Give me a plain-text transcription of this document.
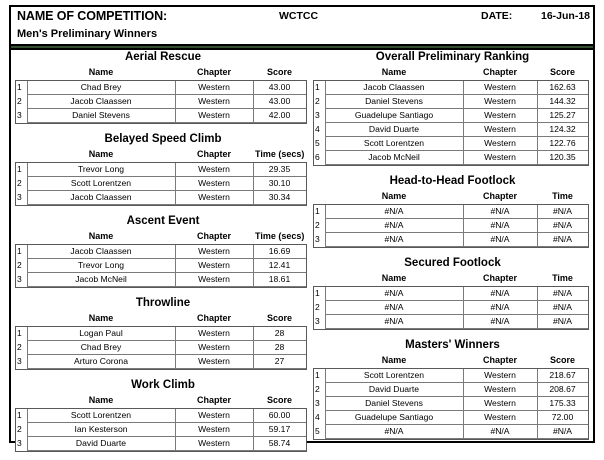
NAME OF COMPETITION:	WCTCC	DATE:	16-Jun-18
Men's Preliminary Winners
Aerial Rescue
	Name	Chapter	Score
1	Chad Brey	Western	43.00
2	Jacob Claassen	Western	43.00
3	Daniel Stevens	Western	42.00
Belayed Speed Climb
	Name	Chapter	Time (secs)
1	Trevor Long	Western	29.35
2	Scott Lorentzen	Western	30.10
3	Jacob Claassen	Western	30.34
Ascent Event
	Name	Chapter	Time (secs)
1	Jacob Claassen	Western	16.69
2	Trevor Long	Western	12.41
3	Jacob McNeil	Western	18.61
Throwline
	Name	Chapter	Score
1	Logan Paul	Western	28
2	Chad Brey	Western	28
3	Arturo Corona	Western	27
Work Climb
	Name	Chapter	Score
1	Scott Lorentzen	Western	60.00
2	Ian Kesterson	Western	59.17
3	David Duarte	Western	58.74
Overall Preliminary Ranking
	Name	Chapter	Score
1	Jacob Claassen	Western	162.63
2	Daniel Stevens	Western	144.32
3	Guadelupe Santiago	Western	125.27
4	David Duarte	Western	124.32
5	Scott Lorentzen	Western	122.76
6	Jacob McNeil	Western	120.35
Head-to-Head Footlock
	Name	Chapter	Time
1	#N/A	#N/A	#N/A
2	#N/A	#N/A	#N/A
3	#N/A	#N/A	#N/A
Secured Footlock
	Name	Chapter	Time
1	#N/A	#N/A	#N/A
2	#N/A	#N/A	#N/A
3	#N/A	#N/A	#N/A
Masters' Winners
	Name	Chapter	Score
1	Scott Lorentzen	Western	218.67
2	David Duarte	Western	208.67
3	Daniel Stevens	Western	175.33
4	Guadelupe Santiago	Western	72.00
5	#N/A	#N/A	#N/A
